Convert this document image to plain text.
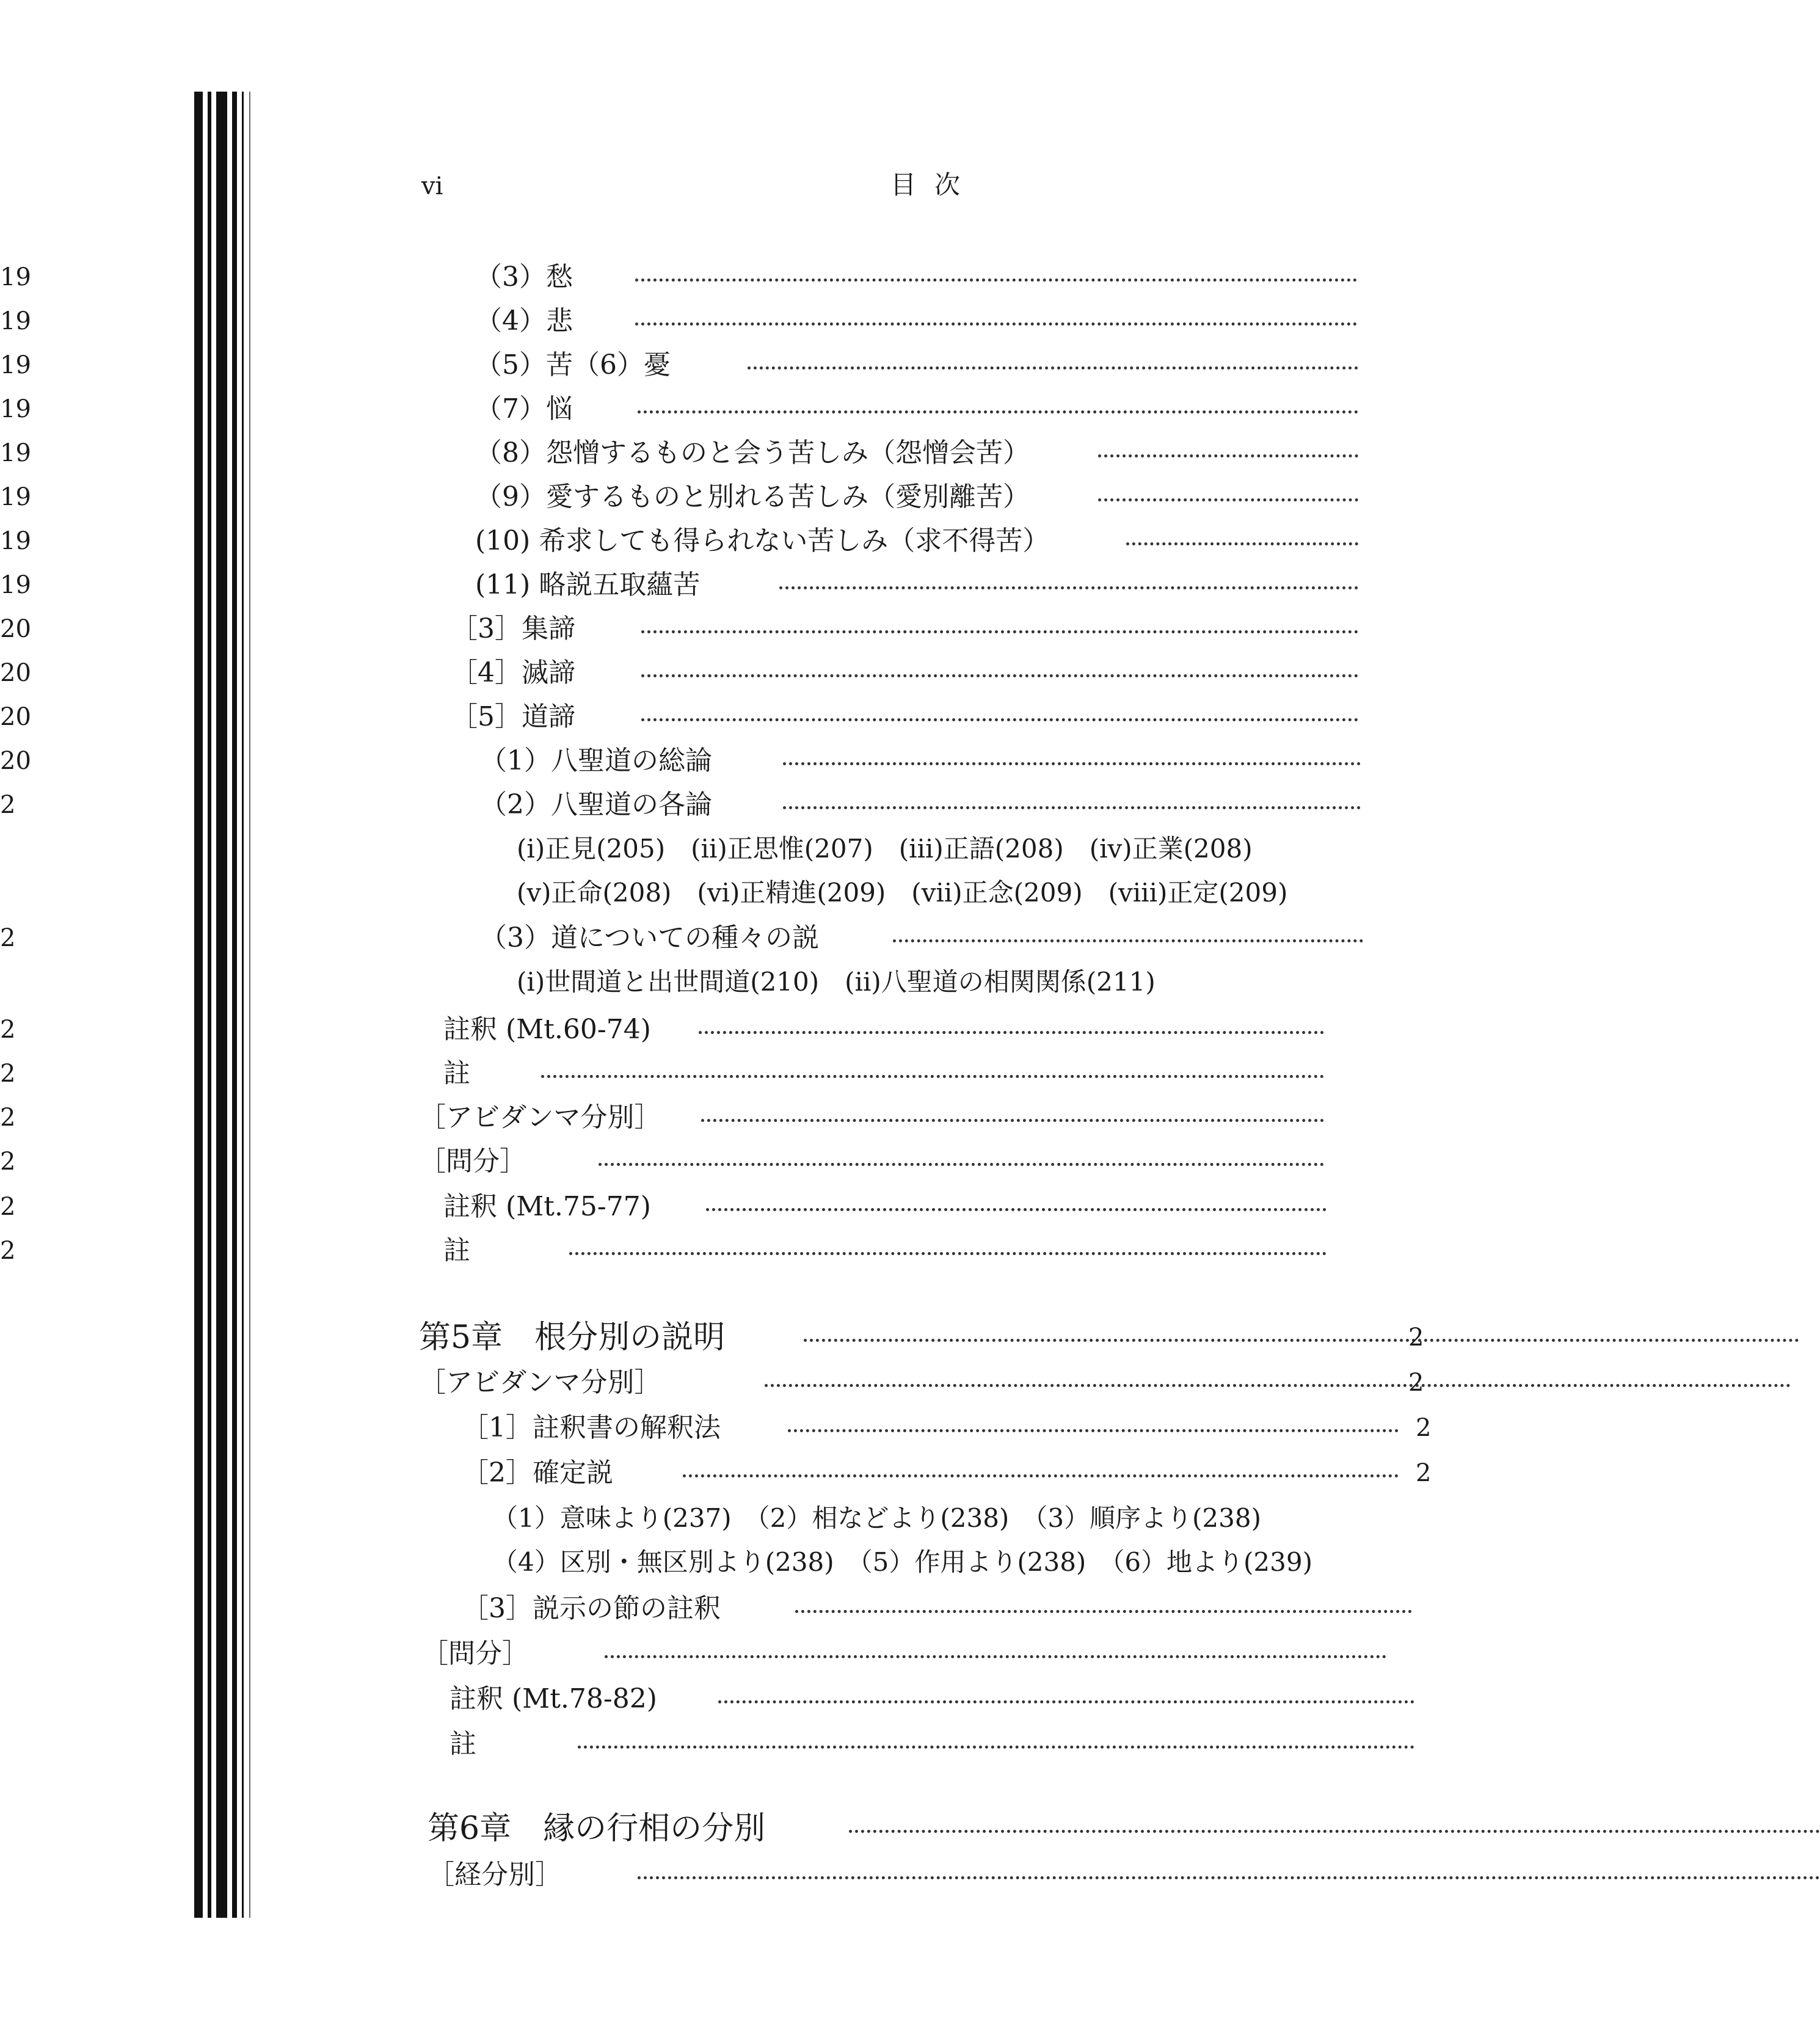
vi	目次
（3）愁
（4）悲
（5）苦（6）憂
（7）悩
（8）怨憎するものと会う苦しみ（怨憎会苦）
（9）愛するものと別れる苦しみ（愛別離苦）
(10) 希求しても得られない苦しみ（求不得苦）
(11) 略説五取蘊苦
［3］集諦
［4］滅諦
［5］道諦
（1）八聖道の総論
（2）八聖道の各論
(i)正見(205)　(ii)正思惟(207)　(iii)正語(208)　(iv)正業(208)
(v)正命(208)　(vi)正精進(209)　(vii)正念(209)　(viii)正定(209)
（3）道についての種々の説
(i)世間道と出世間道(210)　(ii)八聖道の相関関係(211)
註釈 (Mt.60-74)
註
［アビダンマ分別］
［問分］
註釈 (Mt.75-77)
註
第5章　根分別の説明
［アビダンマ分別］
［1］註釈書の解釈法
［2］確定説
（1）意味より(237)　（2）相などより(238)　（3）順序より(238)
（4）区別・無区別より(238)　（5）作用より(238)　（6）地より(239)
［3］説示の節の註釈
［問分］
註釈 (Mt.78-82)
註
第6章　縁の行相の分別
［経分別］
19
19
19
19
19
19
19
19
20
20
20
20
2
2
2
2
2
2
2
2
2
2
2
2
